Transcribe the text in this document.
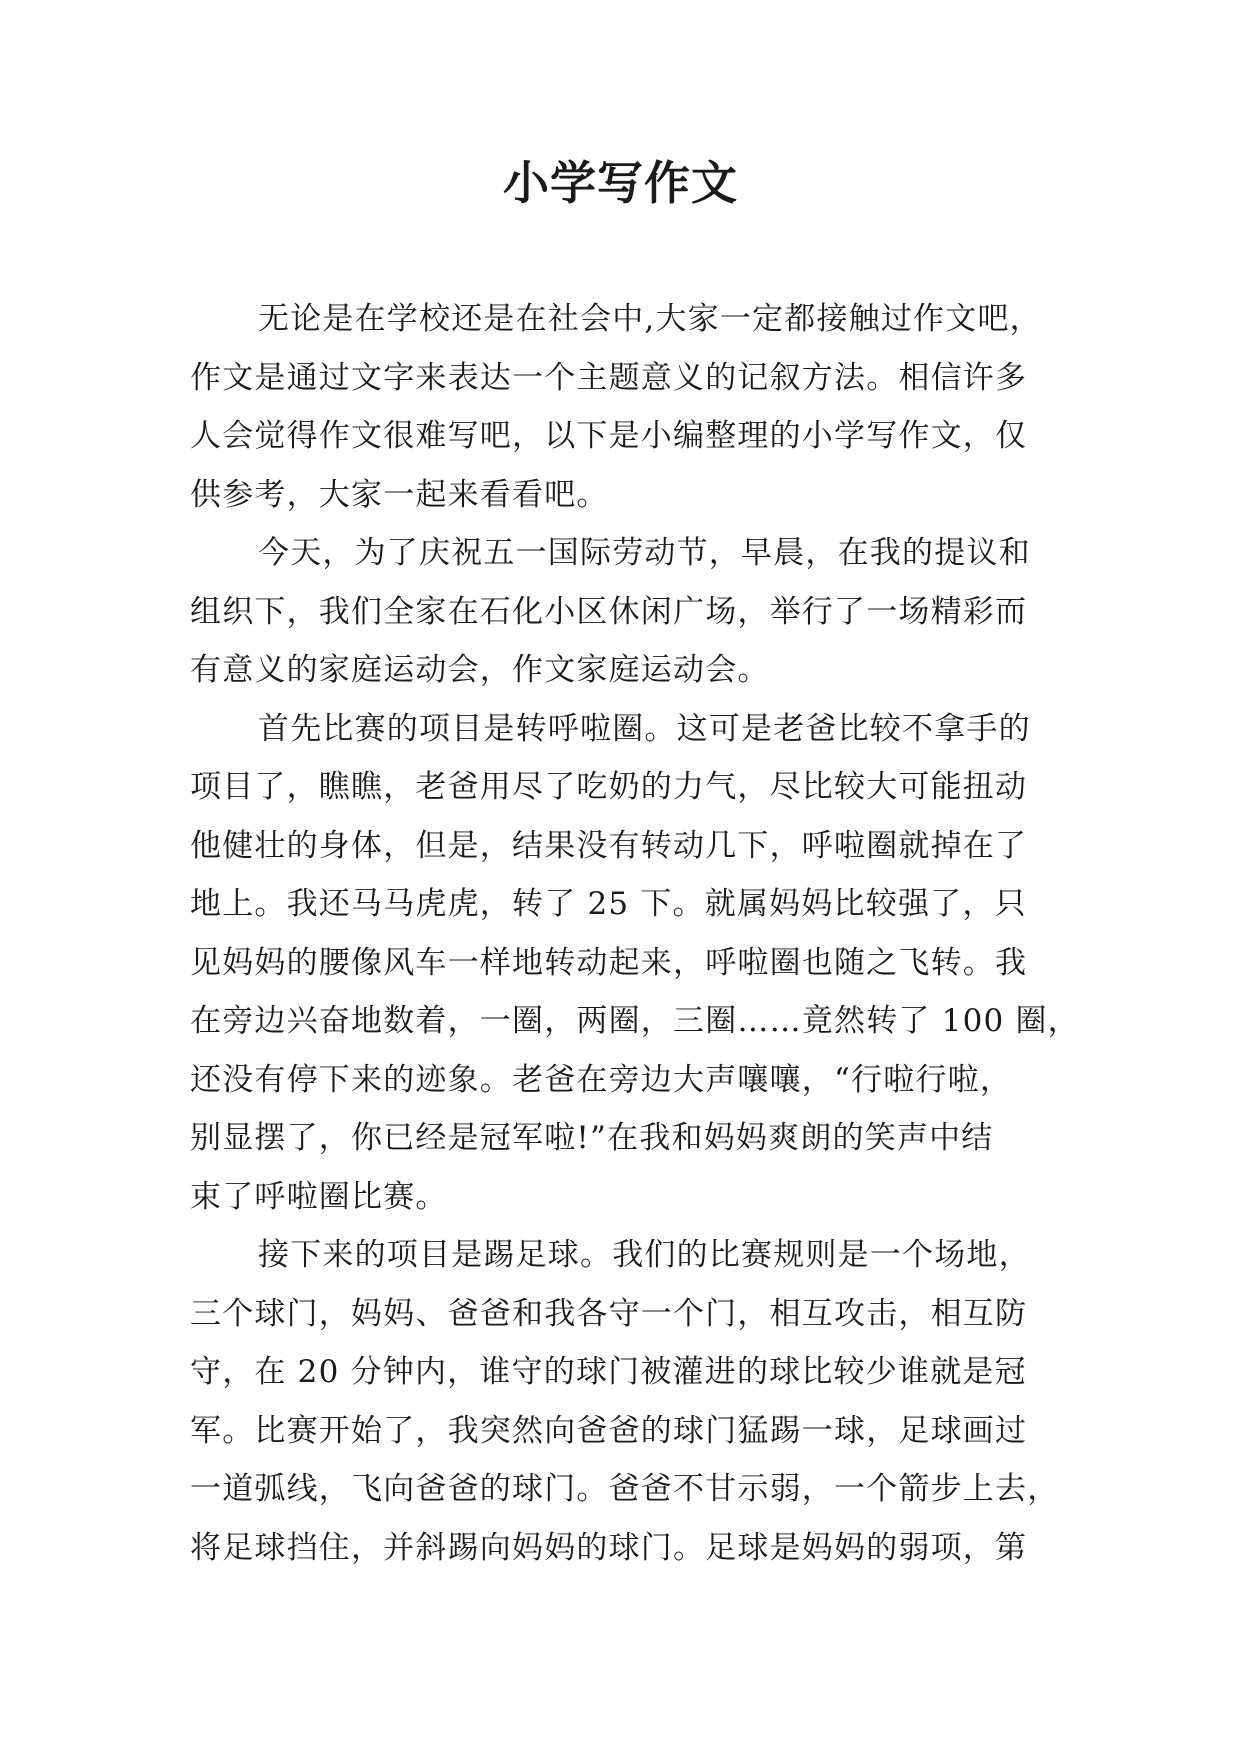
小学写作文

无论是在学校还是在社会中,大家一定都接触过作文吧，
作文是通过文字来表达一个主题意义的记叙方法。相信许多
人会觉得作文很难写吧，以下是小编整理的小学写作文，仅
供参考，大家一起来看看吧。

今天，为了庆祝五一国际劳动节，早晨，在我的提议和
组织下，我们全家在石化小区休闲广场，举行了一场精彩而
有意义的家庭运动会，作文家庭运动会。

首先比赛的项目是转呼啦圈。这可是老爸比较不拿手的
项目了，瞧瞧，老爸用尽了吃奶的力气，尽比较大可能扭动
他健壮的身体，但是，结果没有转动几下，呼啦圈就掉在了
地上。我还马马虎虎，转了 25 下。就属妈妈比较强了，只
见妈妈的腰像风车一样地转动起来，呼啦圈也随之飞转。我
在旁边兴奋地数着，一圈，两圈，三圈……竟然转了 100 圈，
还没有停下来的迹象。老爸在旁边大声嚷嚷，“行啦行啦，
别显摆了，你已经是冠军啦!”在我和妈妈爽朗的笑声中结
束了呼啦圈比赛。

接下来的项目是踢足球。我们的比赛规则是一个场地，
三个球门，妈妈、爸爸和我各守一个门，相互攻击，相互防
守，在 20 分钟内，谁守的球门被灌进的球比较少谁就是冠
军。比赛开始了，我突然向爸爸的球门猛踢一球，足球画过
一道弧线，飞向爸爸的球门。爸爸不甘示弱，一个箭步上去，
将足球挡住，并斜踢向妈妈的球门。足球是妈妈的弱项，第
